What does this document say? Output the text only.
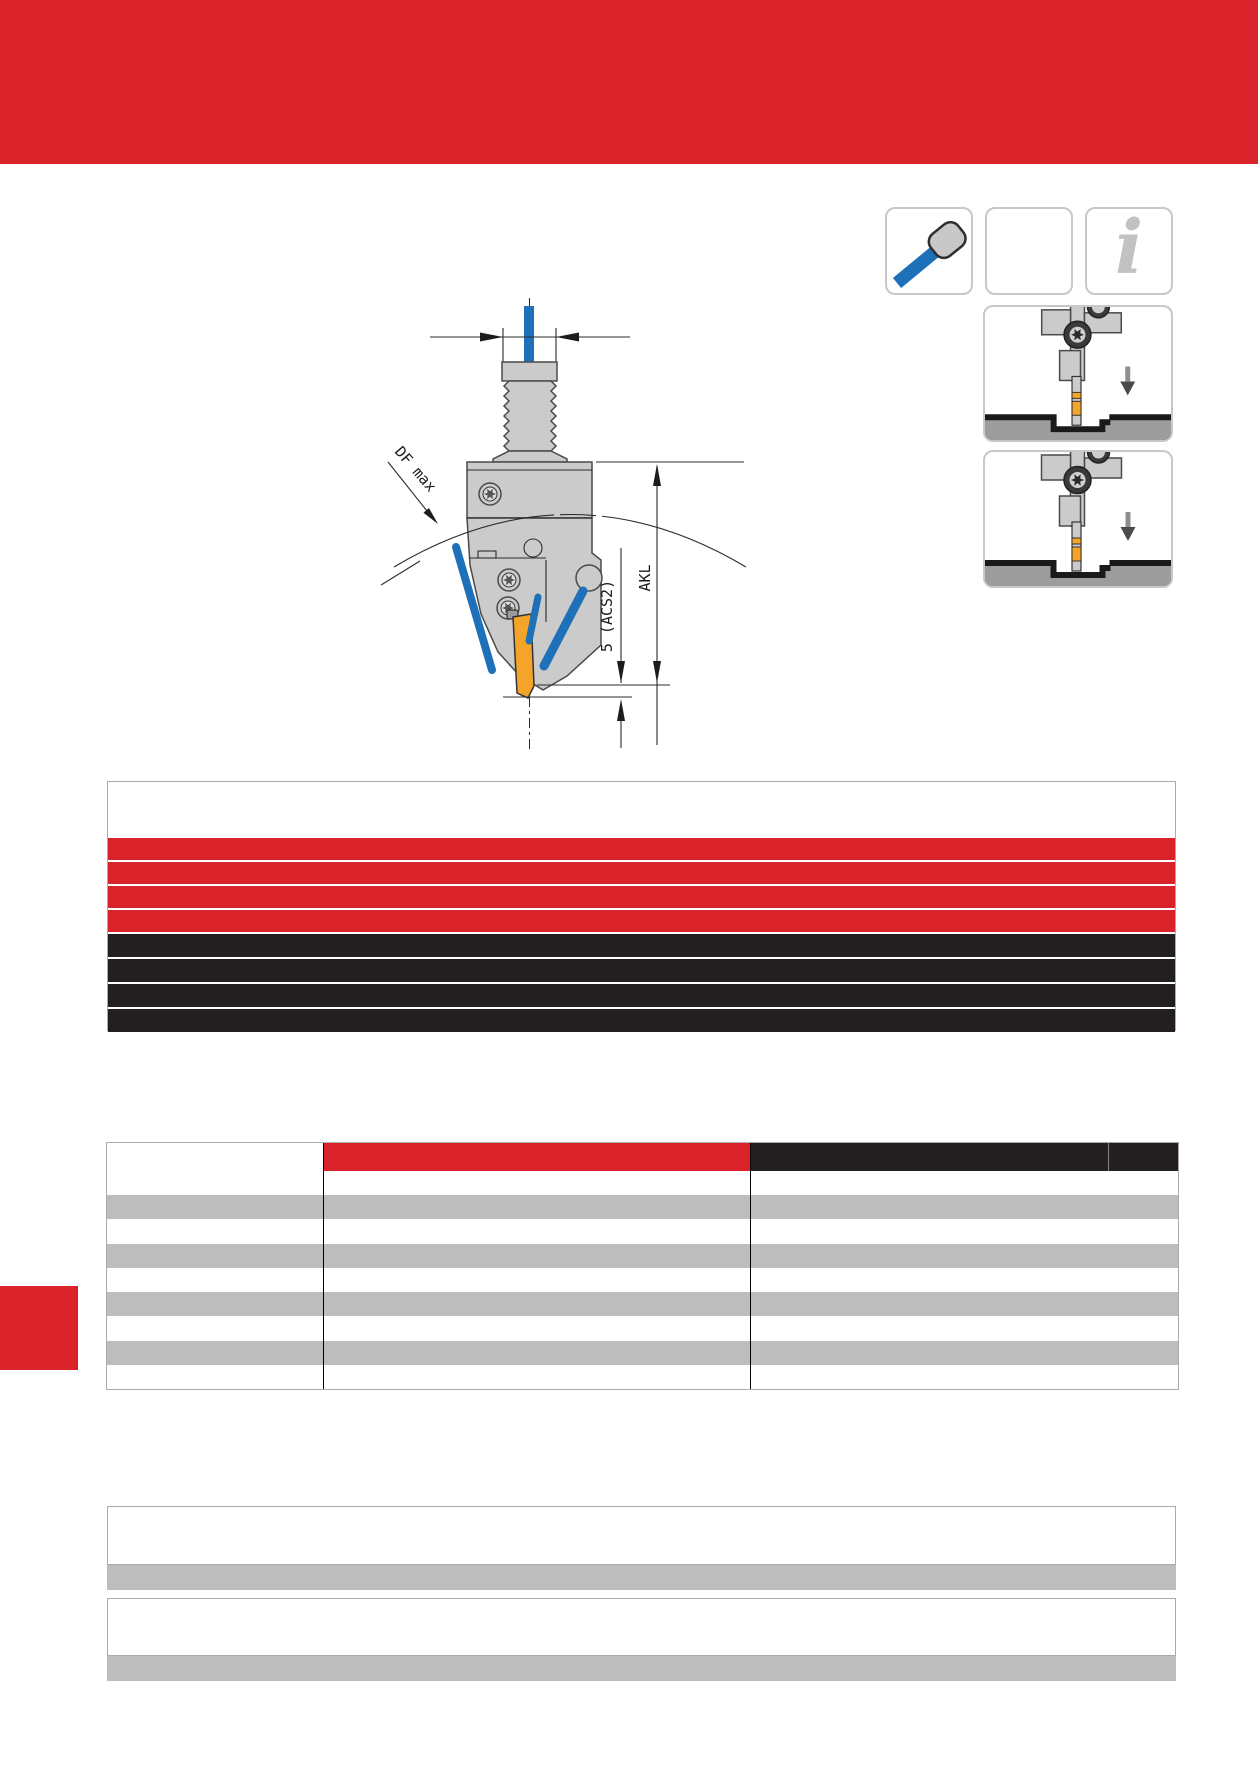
AKL
5 (ACS2)
DF max
i
